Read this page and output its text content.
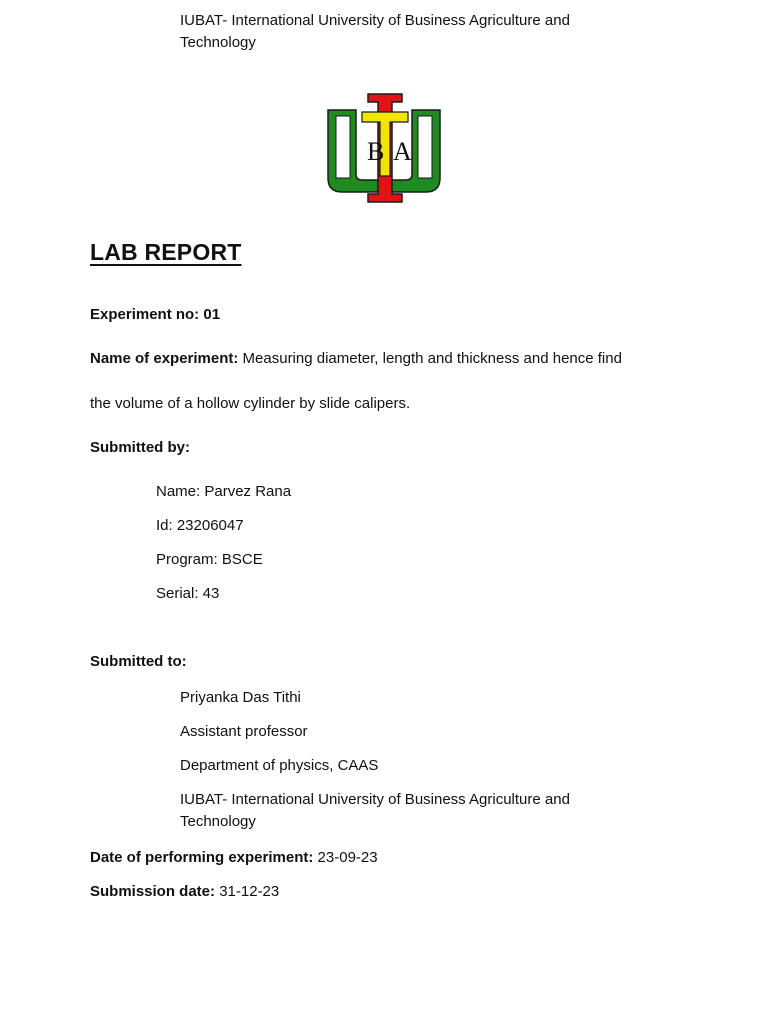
IUBAT- International University of Business Agriculture and Technology
B A
LAB REPORT
Experiment no: 01
Name of experiment: Measuring diameter, length and thickness and hence find
the volume of a hollow cylinder by slide calipers.
Submitted by:
Name: Parvez Rana
Id: 23206047
Program: BSCE
Serial: 43
Submitted to:
Priyanka Das Tithi
Assistant professor
Department of physics, CAAS
IUBAT- International University of Business Agriculture and Technology
Date of performing experiment: 23-09-23
Submission date: 31-12-23
